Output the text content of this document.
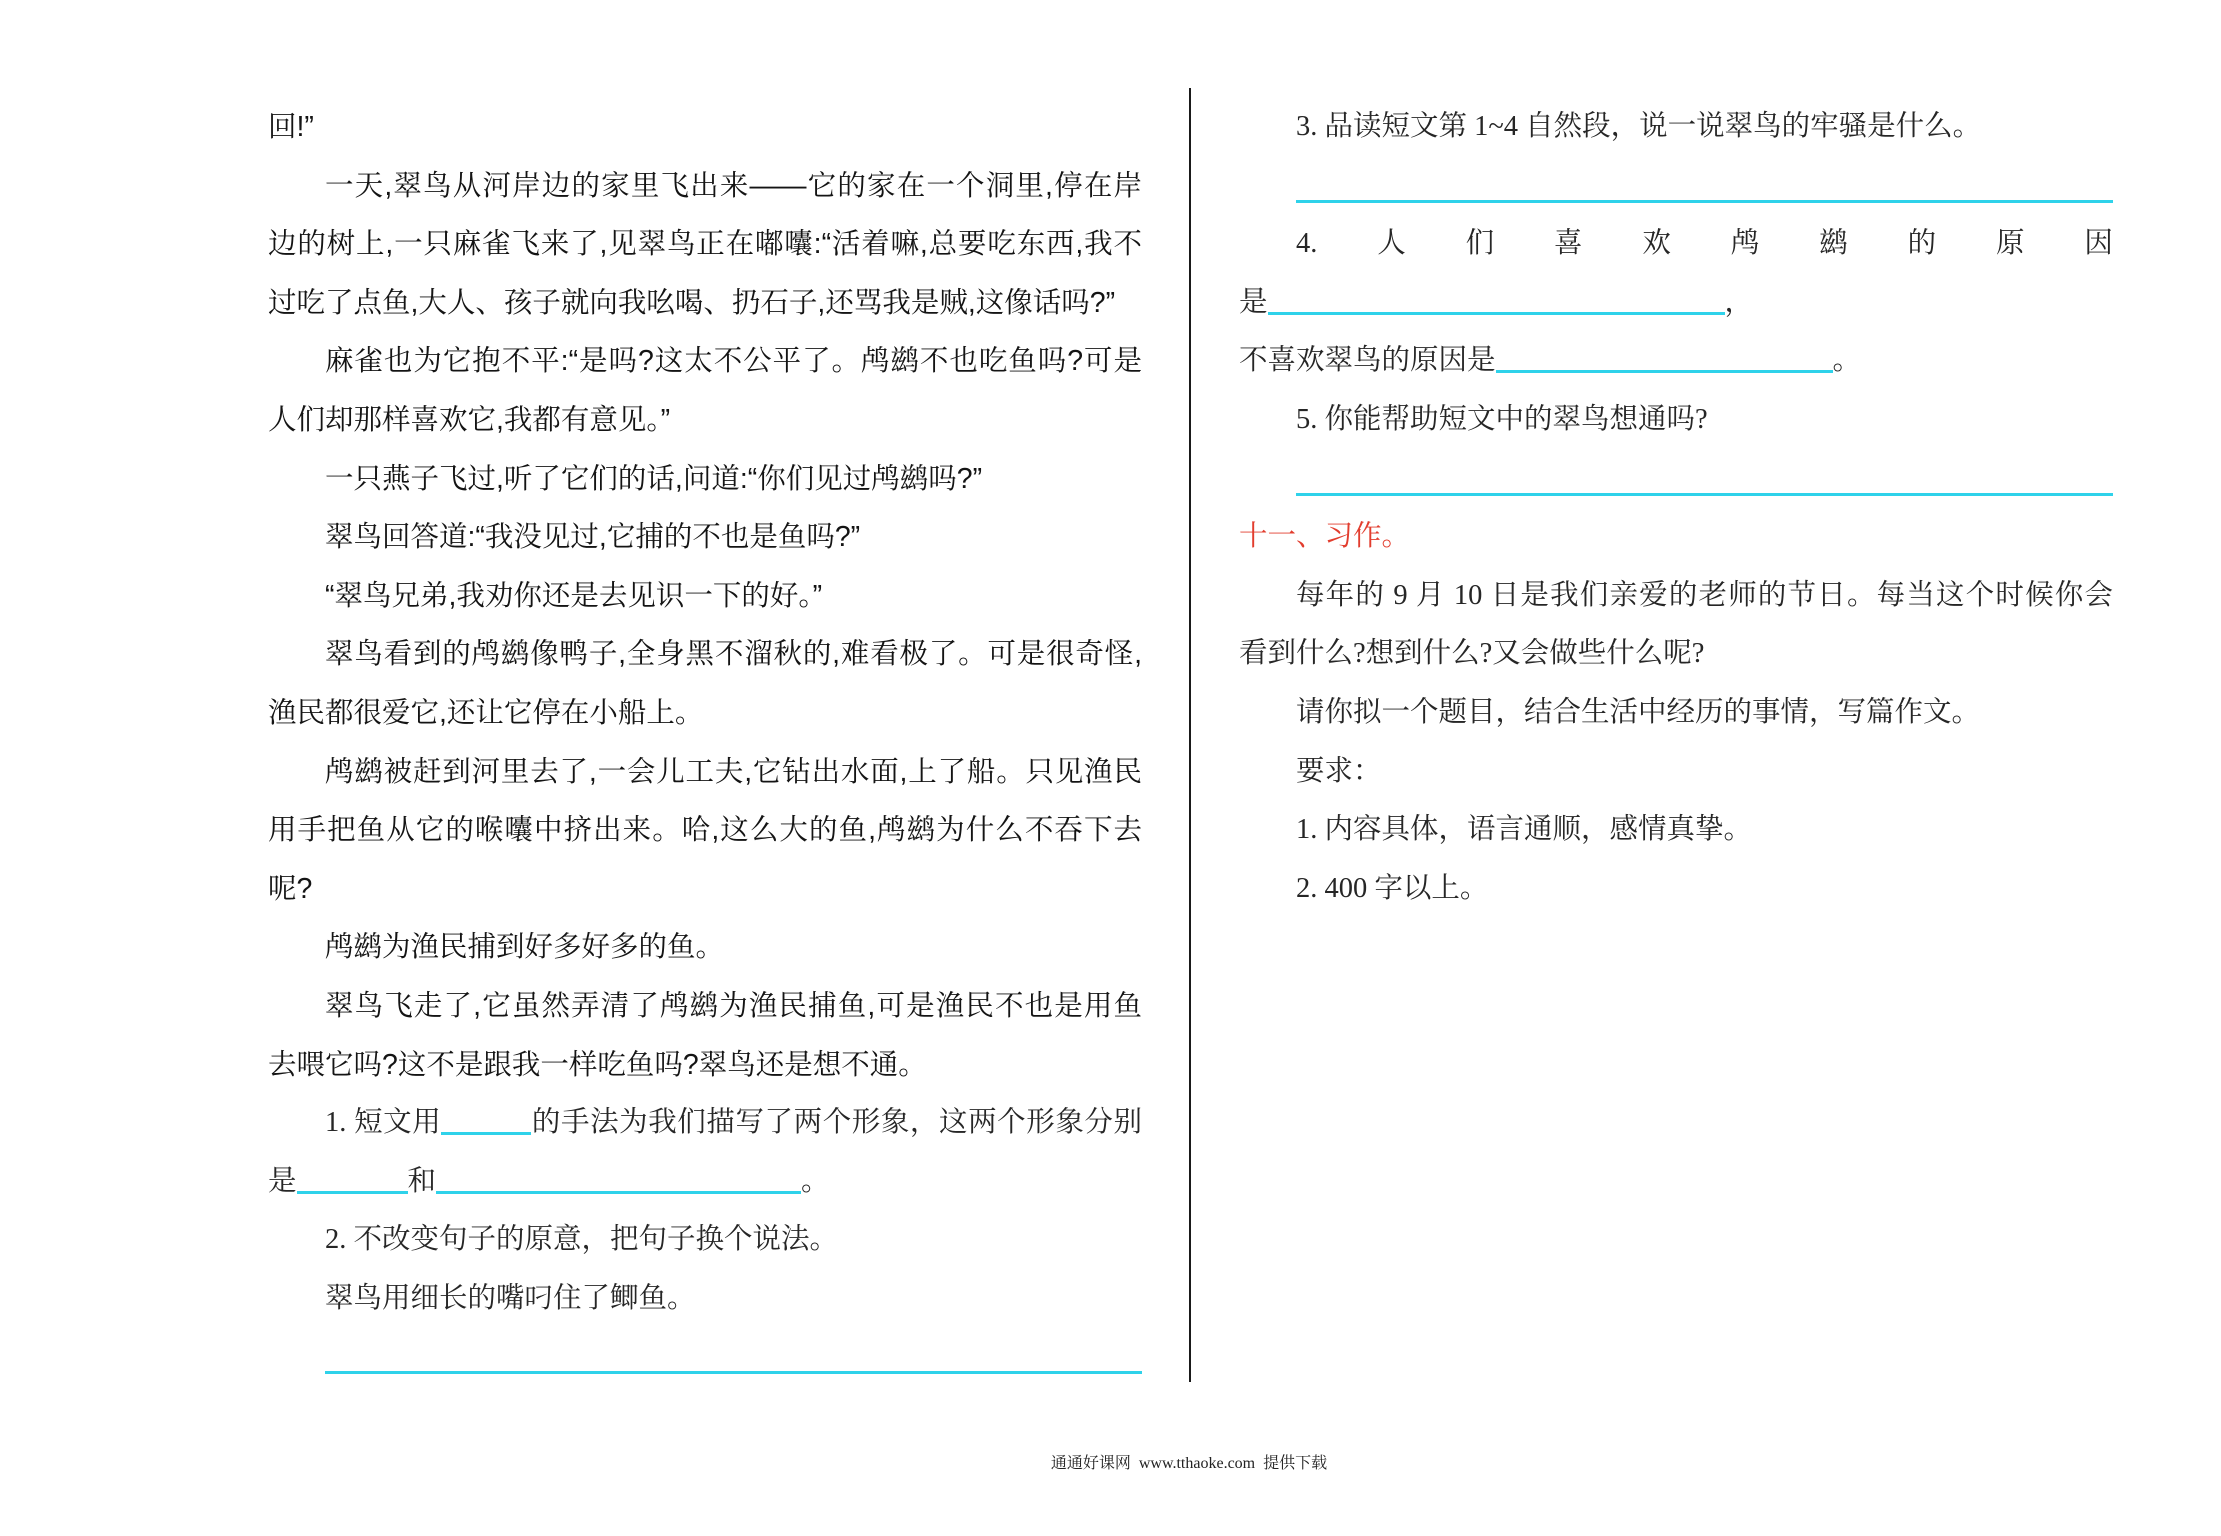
回!”
一天,翠鸟从河岸边的家里飞出来——它的家在一个洞里,停在岸
边的树上,一只麻雀飞来了,见翠鸟正在嘟囔:“活着嘛,总要吃东西,我不
过吃了点鱼,大人、孩子就向我吆喝、扔石子,还骂我是贼,这像话吗?”
麻雀也为它抱不平:“是吗?这太不公平了。鸬鹚不也吃鱼吗?可是
人们却那样喜欢它,我都有意见。”
一只燕子飞过,听了它们的话,问道:“你们见过鸬鹚吗?”
翠鸟回答道:“我没见过,它捕的不也是鱼吗?”
“翠鸟兄弟,我劝你还是去见识一下的好。”
翠鸟看到的鸬鹚像鸭子,全身黑不溜秋的,难看极了。可是很奇怪,
渔民都很爱它,还让它停在小船上。
鸬鹚被赶到河里去了,一会儿工夫,它钻出水面,上了船。只见渔民
用手把鱼从它的喉囔中挤出来。哈,这么大的鱼,鸬鹚为什么不吞下去
呢?
鸬鹚为渔民捕到好多好多的鱼。
翠鸟飞走了,它虽然弄清了鸬鹚为渔民捕鱼,可是渔民不也是用鱼
去喂它吗?这不是跟我一样吃鱼吗?翠鸟还是想不通。
1. 短文用	的手法为我们描写了两个形象，这两个形象分别
是	和	。
2. 不改变句子的原意，把句子换个说法。
翠鸟用细长的嘴叼住了鲫鱼。
3. 品读短文第 1~4 自然段，说一说翠鸟的牢骚是什么。
4. 人 们 喜 欢 鸬 鹚 的 原 因
是	，
不喜欢翠鸟的原因是	。
5. 你能帮助短文中的翠鸟想通吗?
十一、习作。
每年的 9 月 10 日是我们亲爱的老师的节日。每当这个时候你会
看到什么?想到什么?又会做些什么呢?
请你拟一个题目，结合生活中经历的事情，写篇作文。
要求：
1. 内容具体，语言通顺，感情真挚。
2. 400 字以上。
通通好课网  www.tthaoke.com  提供下载
